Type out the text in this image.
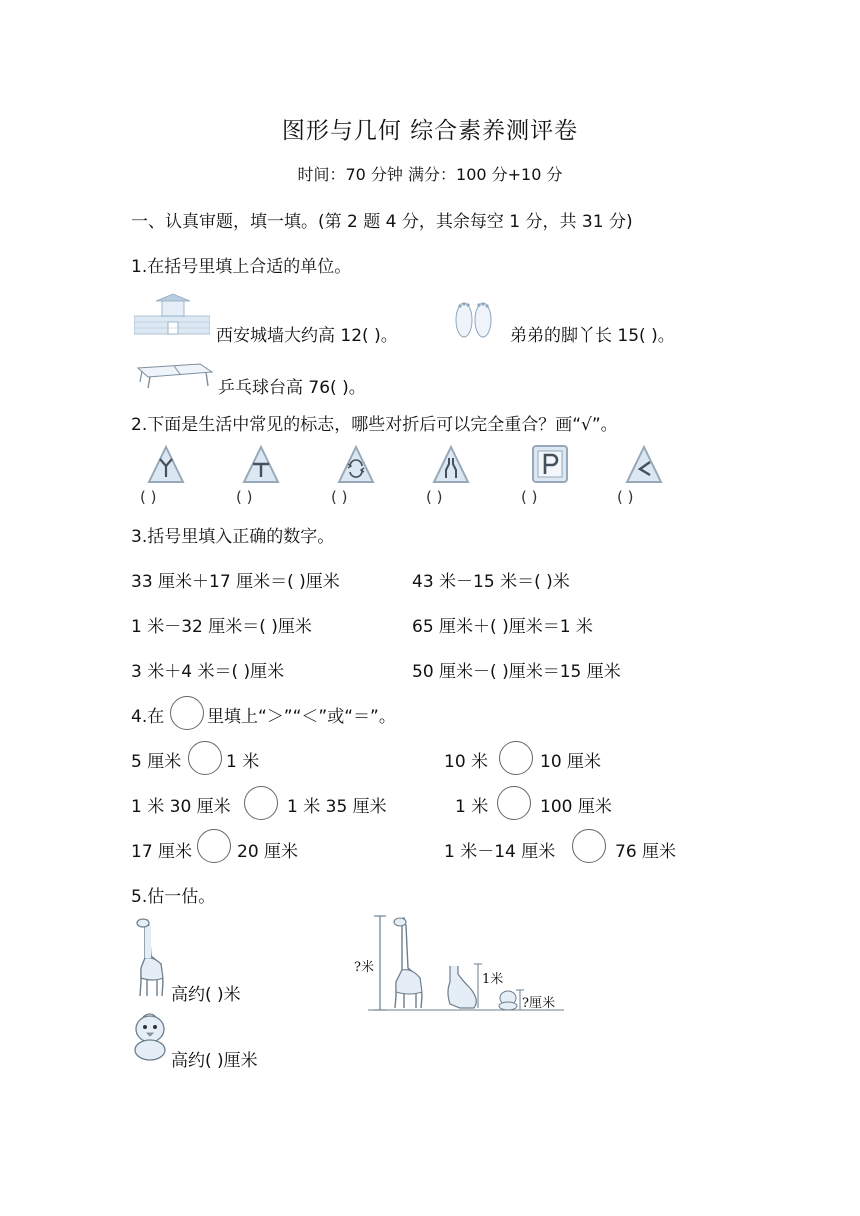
图形与几何 综合素养测评卷
时间：70 分钟 满分：100 分+10 分
一、认真审题，填一填。(第 2 题 4 分，其余每空 1 分，共 31 分)
1.在括号里填上合适的单位。
西安城墙大约高 12( )。	弟弟的脚丫长 15( )。
乒乓球台高 76( )。
2.下面是生活中常见的标志，哪些对折后可以完全重合？画“√”。
( )	( )	( )	( )	( )	( )
3.括号里填入正确的数字。
33 厘米＋17 厘米＝( )厘米	43 米－15 米＝( )米
1 米－32 厘米＝( )厘米	65 厘米＋( )厘米＝1 米
3 米＋4 米＝( )厘米	50 厘米－( )厘米＝15 厘米
4.在	里填上“＞”“＜”或“＝”。
5 厘米	1 米	10 米	10 厘米
1 米 30 厘米	1 米 35 厘米	1 米	100 厘米
17 厘米	20 厘米	1 米－14 厘米	76 厘米
5.估一估。
高约( )米
高约( )厘米
?米
1米
?厘米
